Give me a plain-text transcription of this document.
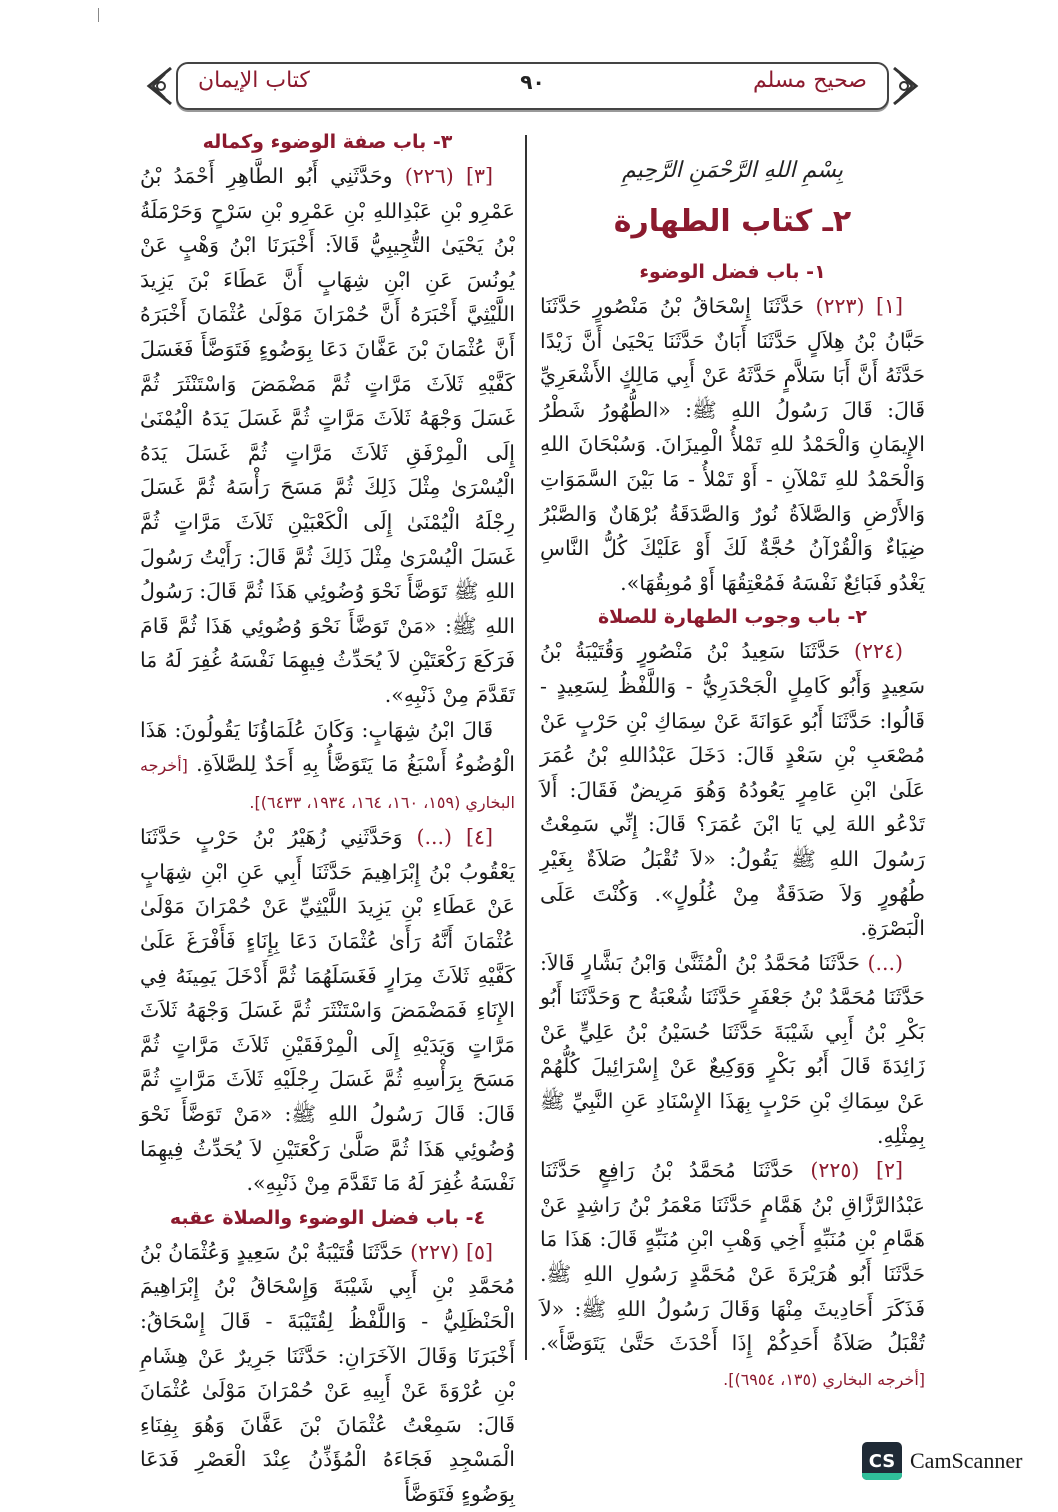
صحيح مسلم
٩٠
كتاب الإيمان
بِسْمِ اللهِ الرَّحْمَنِ الرَّحِيمِ
٢ـ كتاب الطهارة
١- باب فضل الوضوء

[١] (٢٢٣) حَدَّثَنَا إِسْحَاقُ بْنُ مَنْصُورٍ حَدَّثَنَا حَبَّانُ بْنُ هِلاَلٍ حَدَّثَنَا أَبَانٌ حَدَّثَنَا يَحْيَىٰ أَنَّ زَيْدًا حَدَّثَهُ أَنَّ أَبَا سَلاَّمٍ حَدَّثَهُ عَنْ أَبِي مَالِكٍ الأَشْعَرِيِّ قَالَ: قَالَ رَسُولُ اللهِ ﷺ: «الطُّهُورُ شَطْرُ الإِيمَانِ وَالْحَمْدُ للهِ تَمْلأُ الْمِيزَانَ. وَسُبْحَانَ اللهِ وَالْحَمْدُ للهِ تَمْلآنِ - أَوْ تَمْلأُ - مَا بَيْنَ السَّمَوَاتِ وَالأَرْضِ وَالصَّلاَةُ نُورٌ وَالصَّدَقَةُ بُرْهَانٌ وَالصَّبْرُ ضِيَاءٌ وَالْقُرْآنُ حُجَّةٌ لَكَ أَوْ عَلَيْكَ كُلُّ النَّاسِ يَغْدُو فَبَائِعٌ نَفْسَهُ فَمُعْتِقُهَا أَوْ مُوبِقُهَا».

٢- باب وجوب الطهارة للصلاة

(٢٢٤) حَدَّثَنَا سَعِيدُ بْنُ مَنْصُورٍ وَقُتَيْبَةُ بْنُ سَعِيدٍ وَأَبُو كَامِلٍ الْجَحْدَرِيُّ - وَاللَّفْظُ لِسَعِيدٍ - قَالُوا: حَدَّثَنَا أَبُو عَوَانَةَ عَنْ سِمَاكِ بْنِ حَرْبٍ عَنْ مُصْعَبِ بْنِ سَعْدٍ قَالَ: دَخَلَ عَبْدُاللهِ بْنُ عُمَرَ عَلَىٰ ابْنِ عَامِرٍ يَعُودُهُ وَهُوَ مَرِيضٌ فَقَالَ: أَلاَ تَدْعُو اللهَ لِي يَا ابْنَ عُمَرَ؟ قَالَ: إِنِّي سَمِعْتُ رَسُولَ اللهِ ﷺ يَقُولُ: «لاَ تُقْبَلُ صَلاَةٌ بِغَيْرِ طُهُورٍ وَلاَ صَدَقَةٌ مِنْ غُلُولٍ». وَكُنْتَ عَلَى الْبَصْرَةِ.

(...) حَدَّثَنَا مُحَمَّدُ بْنُ الْمُثَنَّىٰ وَابْنُ بَشَّارٍ قَالاَ: حَدَّثَنَا مُحَمَّدُ بْنُ جَعْفَرٍ حَدَّثَنَا شُعْبَةُ ح وَحَدَّثَنَا أَبُو بَكْرِ بْنُ أَبِي شَيْبَةَ حَدَّثَنَا حُسَيْنُ بْنُ عَلِيٍّ عَنْ زَائِدَةَ قَالَ أَبُو بَكْرٍ وَوَكِيعٌ عَنْ إِسْرَائِيلَ كُلُّهُمْ عَنْ سِمَاكِ بْنِ حَرْبٍ بِهَذَا الإِسْنَادِ عَنِ النَّبِيِّ ﷺ بِمِثْلِهِ.

[٢] (٢٢٥) حَدَّثَنَا مُحَمَّدُ بْنُ رَافِعٍ حَدَّثَنَا عَبْدُالرَّزَّاقِ بْنُ هَمَّامٍ حَدَّثَنَا مَعْمَرُ بْنُ رَاشِدٍ عَنْ هَمَّامِ بْنِ مُنَبِّهٍ أَخِي وَهْبِ ابْنِ مُنَبِّهٍ قَالَ: هَذَا مَا حَدَّثَنَا أَبُو هُرَيْرَةَ عَنْ مُحَمَّدٍ رَسُولِ اللهِ ﷺ. فَذَكَرَ أَحَادِيثَ مِنْهَا وَقَالَ رَسُولُ اللهِ ﷺ: «لاَ تُقْبَلُ صَلاَةُ أَحَدِكُمْ إِذَا أَحْدَثَ حَتَّىٰ يَتَوَضَّأَ». [أخرجه البخاري (١٣٥، ٦٩٥٤)].

٣- باب صفة الوضوء وكماله

[٣] (٢٢٦) وحَدَّثَنِي أَبُو الطَّاهِرِ أَحْمَدُ بْنُ عَمْرِو بْنِ عَبْدِاللهِ بْنِ عَمْرِو بْنِ سَرْحٍ وَحَرْمَلَةُ بْنُ يَحْيَىٰ التُّجِيبِيُّ قَالاَ: أَخْبَرَنَا ابْنُ وَهْبٍ عَنْ يُونُسَ عَنِ ابْنِ شِهَابٍ أَنَّ عَطَاءَ بْنَ يَزِيدَ اللَّيْثِيَّ أَخْبَرَهُ أَنَّ حُمْرَانَ مَوْلَىٰ عُثْمَانَ أَخْبَرَهُ أَنَّ عُثْمَانَ بْنَ عَفَّانَ دَعَا بِوَضُوءٍ فَتَوَضَّأَ فَغَسَلَ كَفَّيْهِ ثَلاَثَ مَرَّاتٍ ثُمَّ مَضْمَضَ وَاسْتَنْثَرَ ثُمَّ غَسَلَ وَجْهَهُ ثَلاَثَ مَرَّاتٍ ثُمَّ غَسَلَ يَدَهُ الْيُمْنَىٰ إِلَى الْمِرْفَقِ ثَلاَثَ مَرَّاتٍ ثُمَّ غَسَلَ يَدَهُ الْيُسْرَىٰ مِثْلَ ذَلِكَ ثُمَّ مَسَحَ رَأْسَهُ ثُمَّ غَسَلَ رِجْلَهُ الْيُمْنَىٰ إِلَى الْكَعْبَيْنِ ثَلاَثَ مَرَّاتٍ ثُمَّ غَسَلَ الْيُسْرَىٰ مِثْلَ ذَلِكَ ثُمَّ قَالَ: رَأَيْتُ رَسُولَ اللهِ ﷺ تَوَضَّأَ نَحْوَ وُضُوئِي هَذَا ثُمَّ قَالَ: رَسُولُ اللهِ ﷺ: «مَنْ تَوَضَّأَ نَحْوَ وُضُوئِي هَذَا ثُمَّ قَامَ فَرَكَعَ رَكْعَتَيْنِ لاَ يُحَدِّثُ فِيهِمَا نَفْسَهُ غُفِرَ لَهُ مَا تَقَدَّمَ مِنْ ذَنْبِهِ».

قَالَ ابْنُ شِهَابٍ: وَكَانَ عُلَمَاؤُنَا يَقُولُونَ: هَذَا الْوُضُوءُ أَسْبَغُ مَا يَتَوَضَّأُ بِهِ أَحَدٌ لِلصَّلاَةِ. [أخرجه البخاري (١٥٩، ١٦٠، ١٦٤، ١٩٣٤، ٦٤٣٣)].

[٤] (...) وَحَدَّثَنِي زُهَيْرُ بْنُ حَرْبٍ حَدَّثَنَا يَعْقُوبُ بْنُ إِبْرَاهِيمَ حَدَّثَنَا أَبِي عَنِ ابْنِ شِهَابٍ عَنْ عَطَاءِ بْنِ يَزِيدَ اللَّيْثِيِّ عَنْ حُمْرَانَ مَوْلَىٰ عُثْمَانَ أَنَّهُ رَأَىٰ عُثْمَانَ دَعَا بِإِنَاءٍ فَأَفْرَغَ عَلَىٰ كَفَّيْهِ ثَلاَثَ مِرَارٍ فَغَسَلَهُمَا ثُمَّ أَدْخَلَ يَمِينَهُ فِي الإِنَاءِ فَمَضْمَضَ وَاسْتَنْثَرَ ثُمَّ غَسَلَ وَجْهَهُ ثَلاَثَ مَرَّاتٍ وَيَدَيْهِ إِلَى الْمِرْفَقَيْنِ ثَلاَثَ مَرَّاتٍ ثُمَّ مَسَحَ بِرَأْسِهِ ثُمَّ غَسَلَ رِجْلَيْهِ ثَلاَثَ مَرَّاتٍ ثُمَّ قَالَ: قَالَ رَسُولُ اللهِ ﷺ: «مَنْ تَوَضَّأَ نَحْوَ وُضُوئِي هَذَا ثُمَّ صَلَّىٰ رَكْعَتَيْنِ لاَ يُحَدِّثُ فِيهِمَا نَفْسَهُ غُفِرَ لَهُ مَا تَقَدَّمَ مِنْ ذَنْبِهِ».

٤- باب فضل الوضوء والصلاة عقبه

[٥] (٢٢٧) حَدَّثَنَا قُتَيْبَةُ بْنُ سَعِيدٍ وَعُثْمَانُ بْنُ مُحَمَّدِ بْنِ أَبِي شَيْبَةَ وَإِسْحَاقُ بْنُ إِبْرَاهِيمَ الْحَنْظَلِيُّ - وَاللَّفْظُ لِقُتَيْبَةَ - قَالَ إِسْحَاقُ: أَخْبَرَنَا وَقَالَ الآخَرَانِ: حَدَّثَنَا جَرِيرٌ عَنْ هِشَامِ بْنِ عُرْوَةَ عَنْ أَبِيهِ عَنْ حُمْرَانَ مَوْلَىٰ عُثْمَانَ قَالَ: سَمِعْتُ عُثْمَانَ بْنَ عَفَّانَ وَهُوَ بِفِنَاءِ الْمَسْجِدِ فَجَاءَهُ الْمُؤَذِّنُ عِنْدَ الْعَصْرِ فَدَعَا بِوَضُوءٍ فَتَوَضَّأَ

CS CamScanner
